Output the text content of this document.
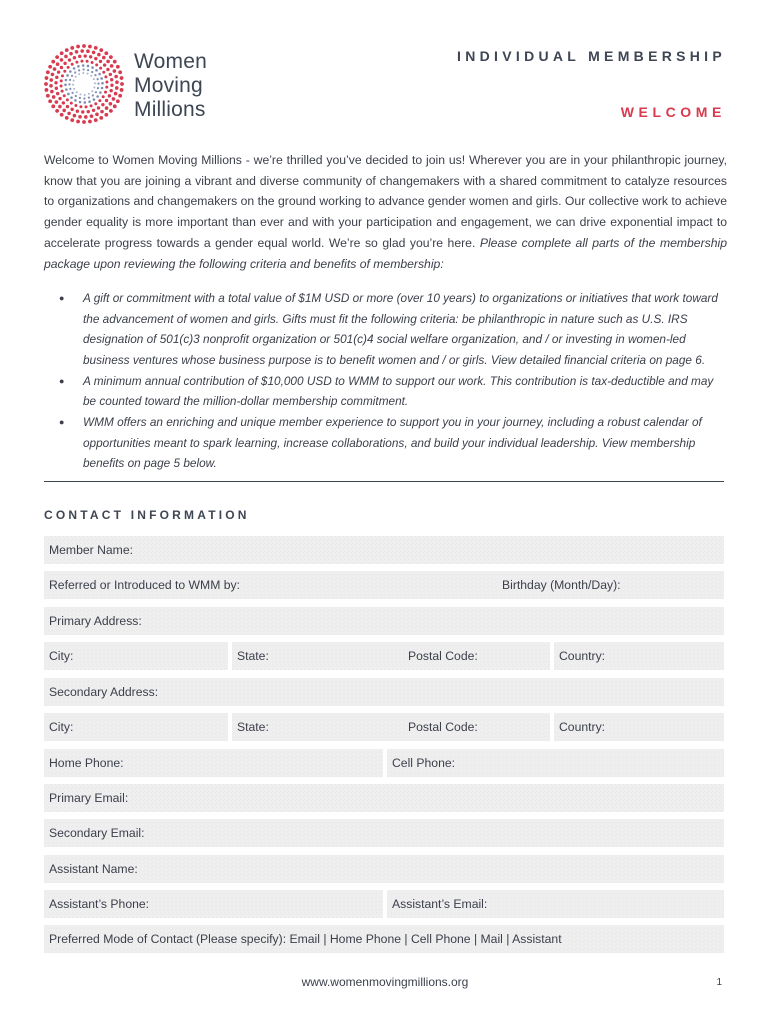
Women
Moving
Millions
INDIVIDUAL MEMBERSHIP
WELCOME
Welcome to Women Moving Millions - we’re thrilled you’ve decided to join us! Wherever you are in your philanthropic journey, know that you are joining a vibrant and diverse community of changemakers with a shared commitment to catalyze resources to organizations and changemakers on the ground working to advance gender women and girls. Our collective work to achieve gender equality is more important than ever and with your participation and engagement, we can drive exponential impact to accelerate progress towards a gender equal world. We’re so glad you’re here. Please complete all parts of the membership package upon reviewing the following criteria and benefits of membership:
● A gift or commitment with a total value of $1M USD or more (over 10 years) to organizations or initiatives that work toward the advancement of women and girls. Gifts must fit the following criteria: be philanthropic in nature such as U.S. IRS designation of 501(c)3 nonprofit organization or 501(c)4 social welfare organization, and / or investing in women-led business ventures whose business purpose is to benefit women and / or girls. View detailed financial criteria on page 6.
● A minimum annual contribution of $10,000 USD to WMM to support our work. This contribution is tax-deductible and may be counted toward the million-dollar membership commitment.
● WMM offers an enriching and unique member experience to support you in your journey, including a robust calendar of opportunities meant to spark learning, increase collaborations, and build your individual leadership. View membership benefits on page 5 below.
CONTACT INFORMATION
Member Name:
Referred or Introduced to WMM by:	Birthday (Month/Day):
Primary Address:
City:	State:	Postal Code:	Country:
Secondary Address:
City:	State:	Postal Code:	Country:
Home Phone:	Cell Phone:
Primary Email:
Secondary Email:
Assistant Name:
Assistant’s Phone:	Assistant’s Email:
Preferred Mode of Contact (Please specify): Email | Home Phone | Cell Phone | Mail | Assistant
www.womenmovingmillions.org	1
